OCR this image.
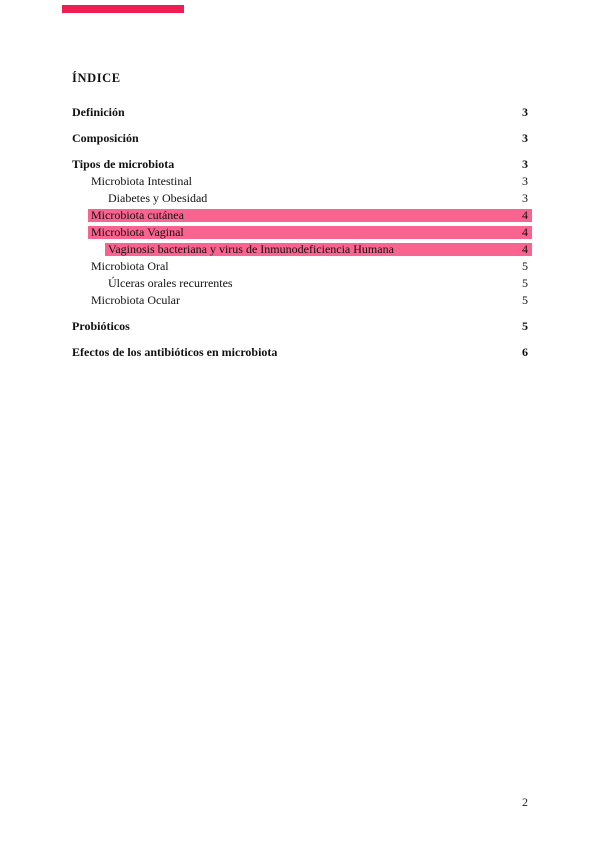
ÍNDICE
Definición	3
Composición	3
Tipos de microbiota	3
Microbiota Intestinal	3
Diabetes y Obesidad	3
Microbiota cutánea	4
Microbiota Vaginal	4
Vaginosis bacteriana y virus de Inmunodeficiencia Humana	4
Microbiota Oral	5
Úlceras orales recurrentes	5
Microbiota Ocular	5
Probióticos	5
Efectos de los antibióticos en microbiota	6
2
